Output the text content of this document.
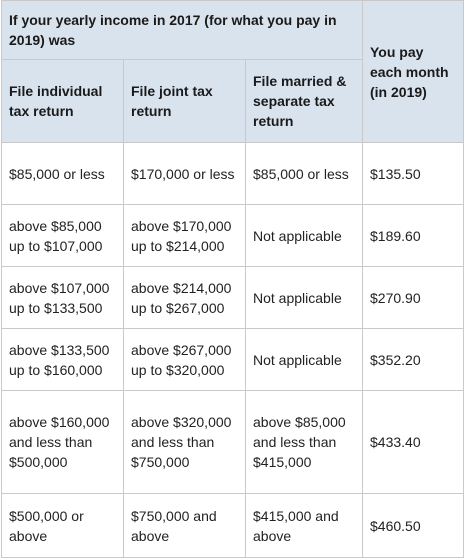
If your yearly income in 2017 (for what you pay in 2019) was			You pay each month (in 2019)
File individual tax return	File joint tax return	File married & separate tax return	
$85,000 or less	$170,000 or less	$85,000 or less	$135.50
above $85,000 up to $107,000	above $170,000 up to $214,000	Not applicable	$189.60
above $107,000 up to $133,500	above $214,000 up to $267,000	Not applicable	$270.90
above $133,500 up to $160,000	above $267,000 up to $320,000	Not applicable	$352.20
above $160,000 and less than $500,000	above $320,000 and less than $750,000	above $85,000 and less than $415,000	$433.40
$500,000 or above	$750,000 and above	$415,000 and above	$460.50
